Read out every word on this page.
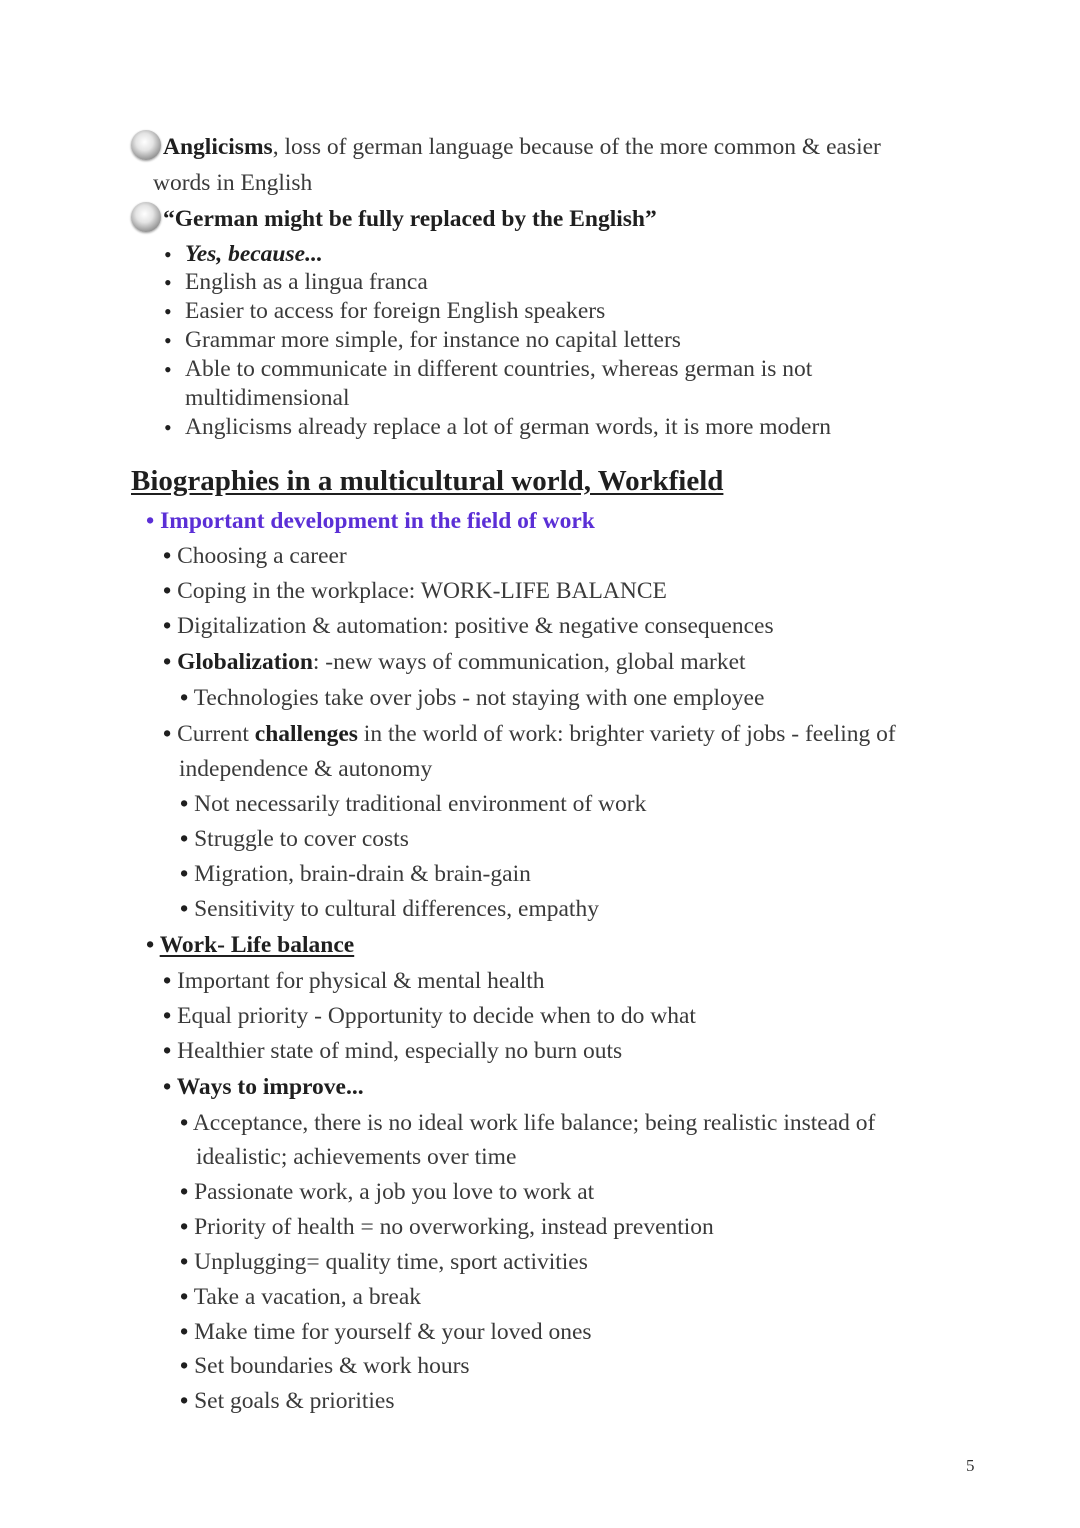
Anglicisms, loss of german language because of the more common & easier
words in English
“German might be fully replaced by the English”
• Yes, because...
• English as a lingua franca
• Easier to access for foreign English speakers
• Grammar more simple, for instance no capital letters
• Able to communicate in different countries, whereas german is not
multidimensional
• Anglicisms already replace a lot of german words, it is more modern
Biographies in a multicultural world, Workfield
• Important development in the field of work
• Choosing a career
• Coping in the workplace: WORK-LIFE BALANCE
• Digitalization & automation: positive & negative consequences
• Globalization: -new ways of communication, global market
• Technologies take over jobs - not staying with one employee
• Current challenges in the world of work: brighter variety of jobs - feeling of
independence & autonomy
• Not necessarily traditional environment of work
• Struggle to cover costs
• Migration, brain-drain & brain-gain
• Sensitivity to cultural differences, empathy
• Work- Life balance
• Important for physical & mental health
• Equal priority - Opportunity to decide when to do what
• Healthier state of mind, especially no burn outs
• Ways to improve...
• Acceptance, there is no ideal work life balance; being realistic instead of
idealistic; achievements over time
• Passionate work, a job you love to work at
• Priority of health = no overworking, instead prevention
• Unplugging= quality time, sport activities
• Take a vacation, a break
• Make time for yourself & your loved ones
• Set boundaries & work hours
• Set goals & priorities
5
